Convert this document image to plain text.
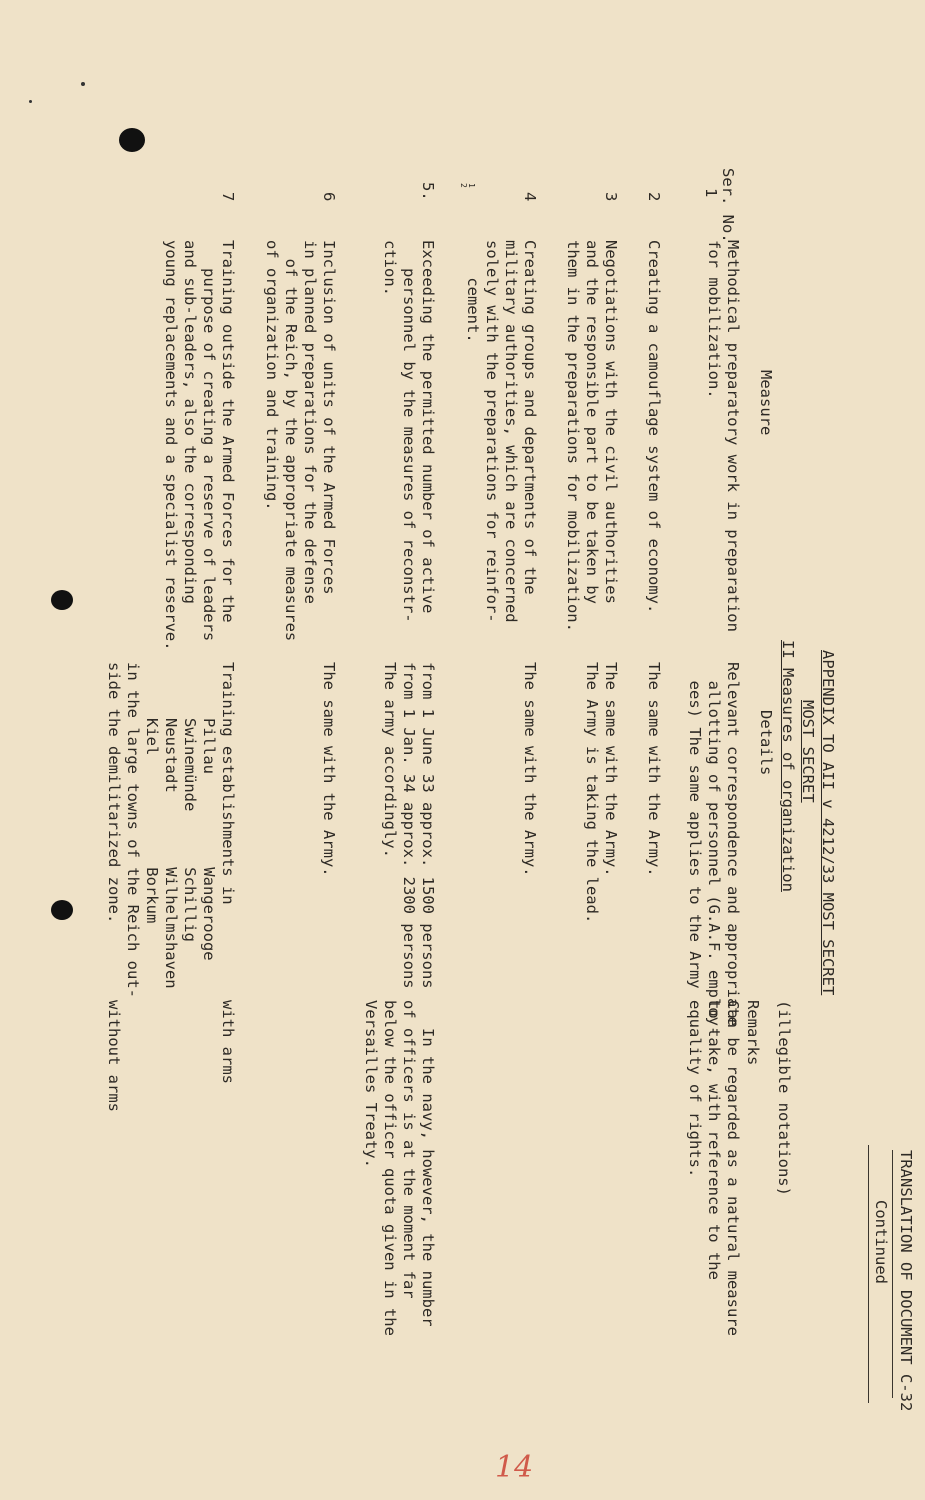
TRANSLATION OF DOCUMENT C-32
Continued
APPENDIX TO AII v 4212/33 MOST SECRET
MOST SECRET
II Measures of organization
(illegible notations)
Ser. No.
Measure
Details
Remarks
1
Methodical preparatory work in preparation
for mobilization.
Relevant correspondence and appropriate
allotting of personnel (G.A.F. employ-
ees) The same applies to the Army
Can be regarded as a natural measure
to take, with reference to the
equality of rights.
2
Creating a camouflage system of economy.
The same with the Army.
3
Negotiations with the civil authorities
and the responsible part to be taken by
them in the preparations for mobilization.
The same with the Army.
The Army is taking the lead.
4
Creating groups and departments of the
military authorities, which are concerned
solely with the preparations for reinfor-
cement.
The same with the Army.
1
2
5.
Exceeding the permitted number of active
personnel by the measures of reconstr-
ction.
from 1 June 33 approx. 1500 persons
from 1 Jan. 34 approx. 2300 persons
The army accordingly.
In the navy, however, the number
of officers is at the moment far
below the officer quota given in the
Versailles Treaty.
6
Inclusion of units of the Armed Forces
in planned preparations for the defense
of the Reich, by the appropriate measures
of organization and training.
The same with the Army.
7
Training outside the Armed Forces for the
purpose of creating a reserve of leaders
and sub-leaders, also the corresponding
young replacements and a specialist reserve.
Training establishments in
Pillau          Wangerooge
Swinemünde      Schillig
Neustadt        Wilhelmshaven
Kiel            Borkum
in the large towns of the Reich out-
side the demilitarized zone.
with arms

without arms
14
